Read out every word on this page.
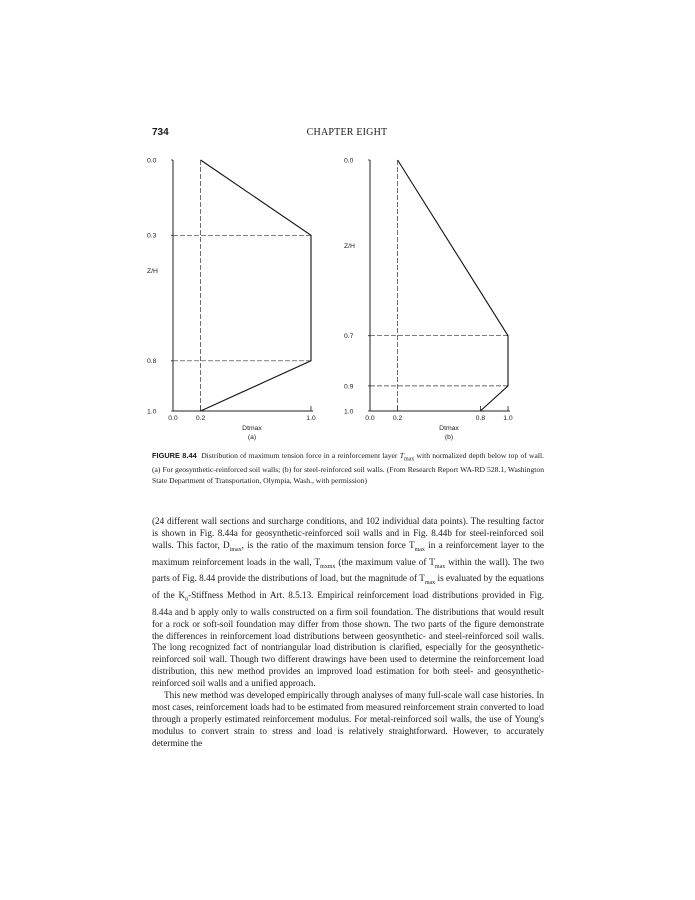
734	CHAPTER EIGHT
0.0
0.3
0.8
1.0
0.0	0.2	1.0
Z/H
Dtmax
(a)
0.0
0.7
0.9
1.0
0.0	0.2	0.8	1.0
Z/H
Dtmax
(b)
FIGURE 8.44 Distribution of maximum tension force in a reinforcement layer $T_{max}$ with normalized depth below top of wall. (a) For geosynthetic-reinforced soil walls; (b) for steel-reinforced soil walls. (From Research Report WA-RD 528.1, Washington State Department of Transportation, Olympia, Wash., with permission)

(24 different wall sections and surcharge conditions, and 102 individual data points). The resulting factor is shown in Fig. 8.44a for geosynthetic-reinforced soil walls and in Fig. 8.44b for steel-reinforced soil walls. This factor, $D_{tmax}$, is the ratio of the maximum tension force $T_{max}$ in a reinforcement layer to the maximum reinforcement loads in the wall, $T_{mxmx}$ (the maximum value of $T_{max}$ within the wall). The two parts of Fig. 8.44 provide the distributions of load, but the magnitude of $T_{max}$ is evaluated by the equations of the $K_0$-Stiffness Method in Art. 8.5.13. Empirical reinforcement load distributions provided in Fig. 8.44a and b apply only to walls constructed on a firm soil foundation. The distributions that would result for a rock or soft-soil foundation may differ from those shown. The two parts of the figure demonstrate the differences in reinforcement load distributions between geosynthetic- and steel-reinforced soil walls. The long recognized fact of nontriangular load distribution is clarified, especially for the geosynthetic-reinforced soil wall. Though two different drawings have been used to determine the reinforcement load distribution, this new method provides an improved load estimation for both steel- and geosynthetic-reinforced soil walls and a unified approach.

This new method was developed empirically through analyses of many full-scale wall case histories. In most cases, reinforcement loads had to be estimated from measured reinforcement strain converted to load through a properly estimated reinforcement modulus. For metal-reinforced soil walls, the use of Young's modulus to convert strain to stress and load is relatively straightforward. However, to accurately determine the
